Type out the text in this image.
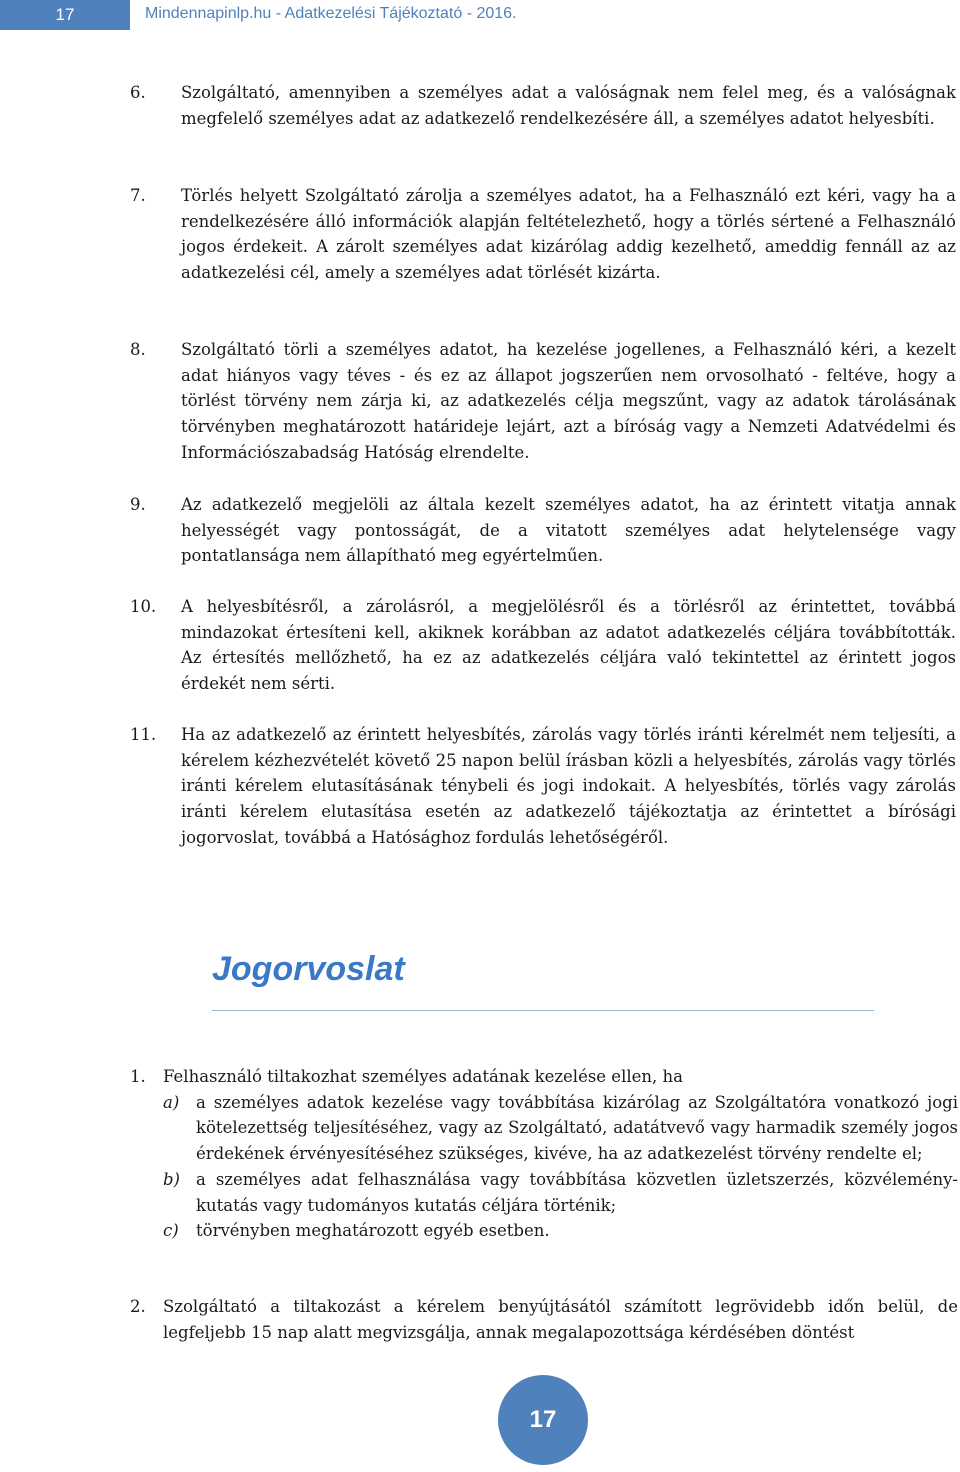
17	Mindennapinlp.hu - Adatkezelési Tájékoztató - 2016.
6. Szolgáltató, amennyiben a személyes adat a valóságnak nem felel meg, és a valóságnak megfelelő személyes adat az adatkezelő rendelkezésére áll, a személyes adatot helyesbíti.
7. Törlés helyett Szolgáltató zárolja a személyes adatot, ha a Felhasználó ezt kéri, vagy ha a rendelkezésére álló információk alapján feltételezhető, hogy a törlés sértené a Felhasználó jogos érdekeit. A zárolt személyes adat kizárólag addig kezelhető, ameddig fennáll az az adatkezelési cél, amely a személyes adat törlését kizárta.
8. Szolgáltató törli a személyes adatot, ha kezelése jogellenes, a Felhasználó kéri, a kezelt adat hiányos vagy téves - és ez az állapot jogszerűen nem orvosolható - feltéve, hogy a törlést törvény nem zárja ki, az adatkezelés célja megszűnt, vagy az adatok tárolásának törvényben meghatározott határideje lejárt, azt a bíróság vagy a Nemzeti Adatvédelmi és Információszabadság Hatóság elrendelte.
9. Az adatkezelő megjelöli az általa kezelt személyes adatot, ha az érintett vitatja annak helyességét vagy pontosságát, de a vitatott személyes adat helytelensége vagy pontatlansága nem állapítható meg egyértelműen.
10. A helyesbítésről, a zárolásról, a megjelölésről és a törlésről az érintettet, továbbá mindazokat értesíteni kell, akiknek korábban az adatot adatkezelés céljára továbbították. Az értesítés mellőzhető, ha ez az adatkezelés céljára való tekintettel az érintett jogos érdekét nem sérti.
11. Ha az adatkezelő az érintett helyesbítés, zárolás vagy törlés iránti kérelmét nem teljesíti, a kérelem kézhezvételét követő 25 napon belül írásban közli a helyesbítés, zárolás vagy törlés iránti kérelem elutasításának ténybeli és jogi indokait. A helyesbítés, törlés vagy zárolás iránti kérelem elutasítása esetén az adatkezelő tájékoztatja az érintettet a bírósági jogorvoslat, továbbá a Hatósághoz fordulás lehetőségéről.
Jogorvoslat
1. Felhasználó tiltakozhat személyes adatának kezelése ellen, ha
a) a személyes adatok kezelése vagy továbbítása kizárólag az Szolgáltatóra vonatkozó jogi kötelezettség teljesítéséhez, vagy az Szolgáltató, adatátvevő vagy harmadik személy jogos érdekének érvényesítéséhez szükséges, kivéve, ha az adatkezelést törvény rendelte el;
b) a személyes adat felhasználása vagy továbbítása közvetlen üzletszerzés, közvélemény-kutatás vagy tudományos kutatás céljára történik;
c) törvényben meghatározott egyéb esetben.
2. Szolgáltató a tiltakozást a kérelem benyújtásától számított legrövidebb időn belül, de legfeljebb 15 nap alatt megvizsgálja, annak megalapozottsága kérdésében döntést
17
